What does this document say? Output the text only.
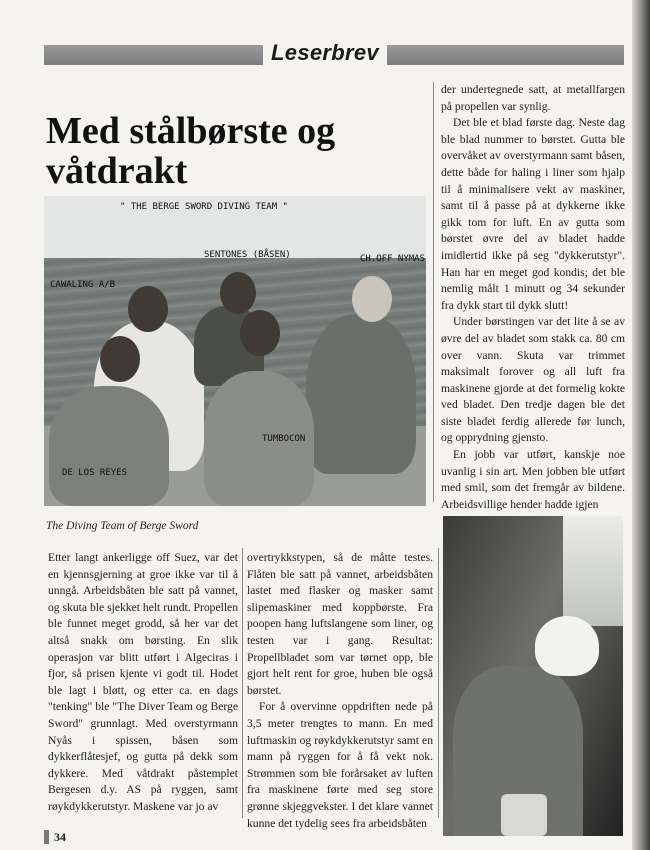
Leserbrev
Med stålbørste og våtdrakt
" THE BERGE SWORD DIVING TEAM "
SENTONES (BÅSEN)	CH.OFF NYMAS
CAWALING A/B
TUMBOCON
DE LOS REYES
The Diving Team of Berge Sword

Etter langt ankerligge off Suez, var det en kjennsgjerning at groe ikke var til å unngå. Arbeidsbåten ble satt på vannet, og skuta ble sjekket helt rundt. Propellen ble funnet meget grodd, så her var det altså snakk om børsting. En slik operasjon var blitt utført i Algeciras i fjor, så prisen kjente vi godt til. Hodet ble lagt i bløtt, og etter ca. en dags "tenking" ble "The Diver Team og Berge Sword" grunnlagt. Med overstyrmann Nyås i spissen, båsen som dykkerflåtesjef, og gutta på dekk som dykkere. Med våtdrakt påstemplet Bergesen d.y. AS på ryggen, samt røykdykkerutstyr. Maskene var jo av

overtrykkstypen, så de måtte testes. Flåten ble satt på vannet, arbeidsbåten lastet med flasker og masker samt slipemaskiner med koppbørste. Fra poopen hang luftslangene som liner, og testen var i gang. Resultat: Propellbladet som var tørnet opp, ble gjort helt rent for groe, huben ble også børstet.

For å overvinne oppdriften nede på 3,5 meter trengtes to mann. En med luftmaskin og røykdykkerutstyr samt en mann på ryggen for å få vekt nok. Strømmen som ble forårsaket av luften fra maskinene førte med seg store grønne skjeggvekster. I det klare vannet kunne det tydelig sees fra arbeidsbåten

der undertegnede satt, at metallfargen på propellen var synlig.

Det ble et blad første dag. Neste dag ble blad nummer to børstet. Gutta ble overvåket av overstyrmann samt båsen, dette både for haling i liner som hjalp til å minimalisere vekt av maskiner, samt til å passe på at dykkerne ikke gikk tom for luft. En av gutta som børstet øvre del av bladet hadde imidlertid ikke på seg "dykkerutstyr". Han har en meget god kondis; det ble nemlig målt 1 minutt og 34 sekunder fra dykk start til dykk slutt!

Under børstingen var det lite å se av øvre del av bladet som stakk ca. 80 cm over vann. Skuta var trimmet maksimalt forover og all luft fra maskinene gjorde at det formelig kokte ved bladet. Den tredje dagen ble det siste bladet ferdig allerede før lunch, og opprydning gjensto.

En jobb var utført, kanskje noe uvanlig i sin art. Men jobben ble utført med smil, som det fremgår av bildene. Arbeidsvillige hender hadde igjen

34
